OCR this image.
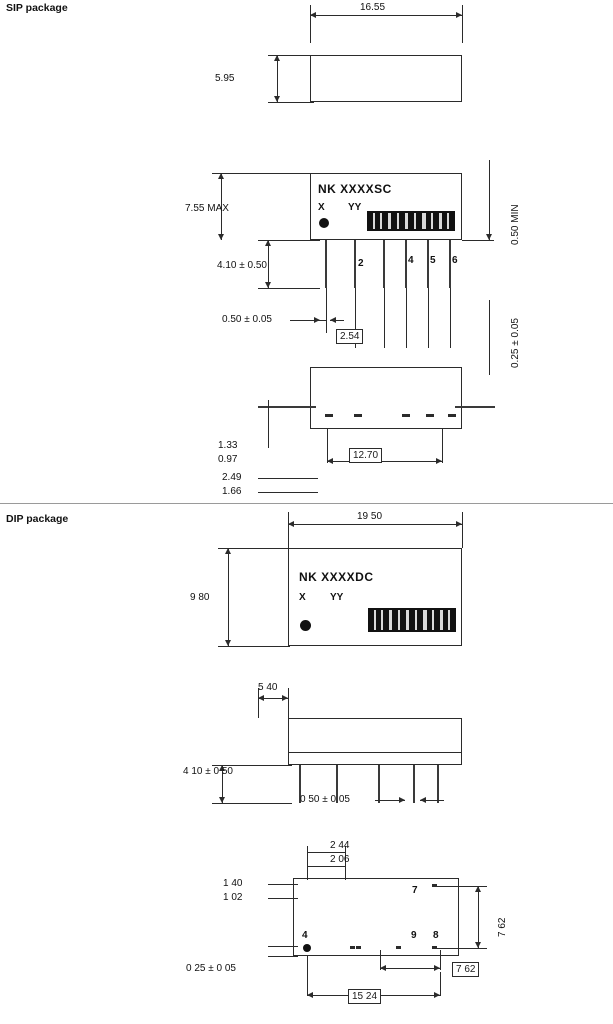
SIP package
DIP package
16.55
5.95
NK XXXXSC
X YY
7.55 MAX
2	4 5 6
4.10 ± 0.50
0.50 ± 0.05
2.54
0.50 MIN
0.25 ± 0.05
1.33
0.97
2.49
1.66
12.70
19 50
NK XXXXDC
X YY
9 80
5 40
4 10 ± 0 50
0 50 ± 0 05
2 44
2 06
1 40
1 02
0 25 ± 0 05
4
7
9 8	7 62
7 62
15 24
